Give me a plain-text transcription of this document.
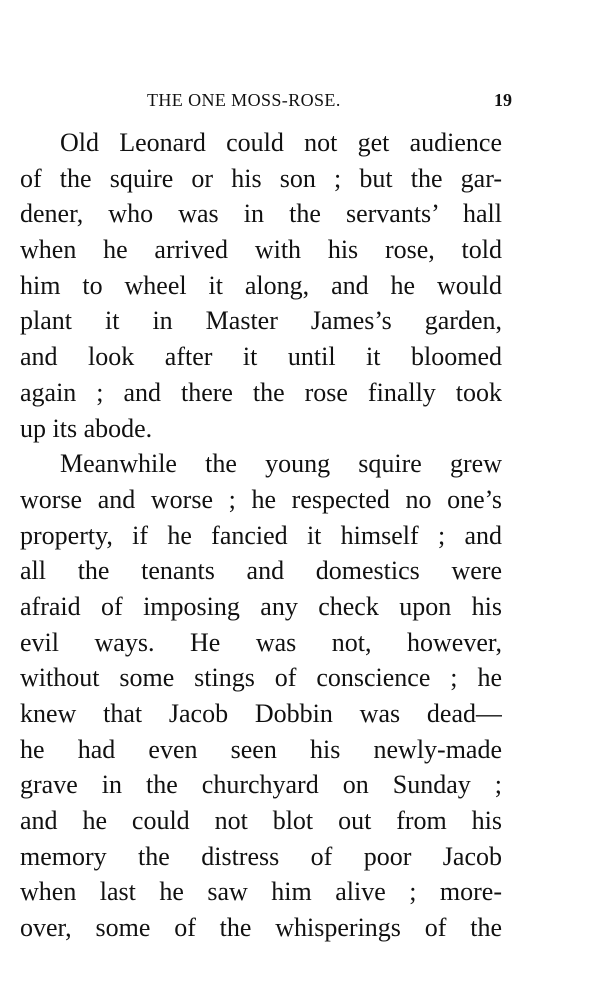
THE ONE MOSS-ROSE.	19
Old Leonard could not get audience
of the squire or his son ; but the gar-
dener, who was in the servants’ hall
when he arrived with his rose, told
him to wheel it along, and he would
plant it in Master James’s garden,
and look after it until it bloomed
again ; and there the rose finally took
up its abode.
Meanwhile the young squire grew
worse and worse ; he respected no one’s
property, if he fancied it himself ; and
all the tenants and domestics were
afraid of imposing any check upon his
evil ways. He was not, however,
without some stings of conscience ; he
knew that Jacob Dobbin was dead—
he had even seen his newly-made
grave in the churchyard on Sunday ;
and he could not blot out from his
memory the distress of poor Jacob
when last he saw him alive ; more-
over, some of the whisperings of the
